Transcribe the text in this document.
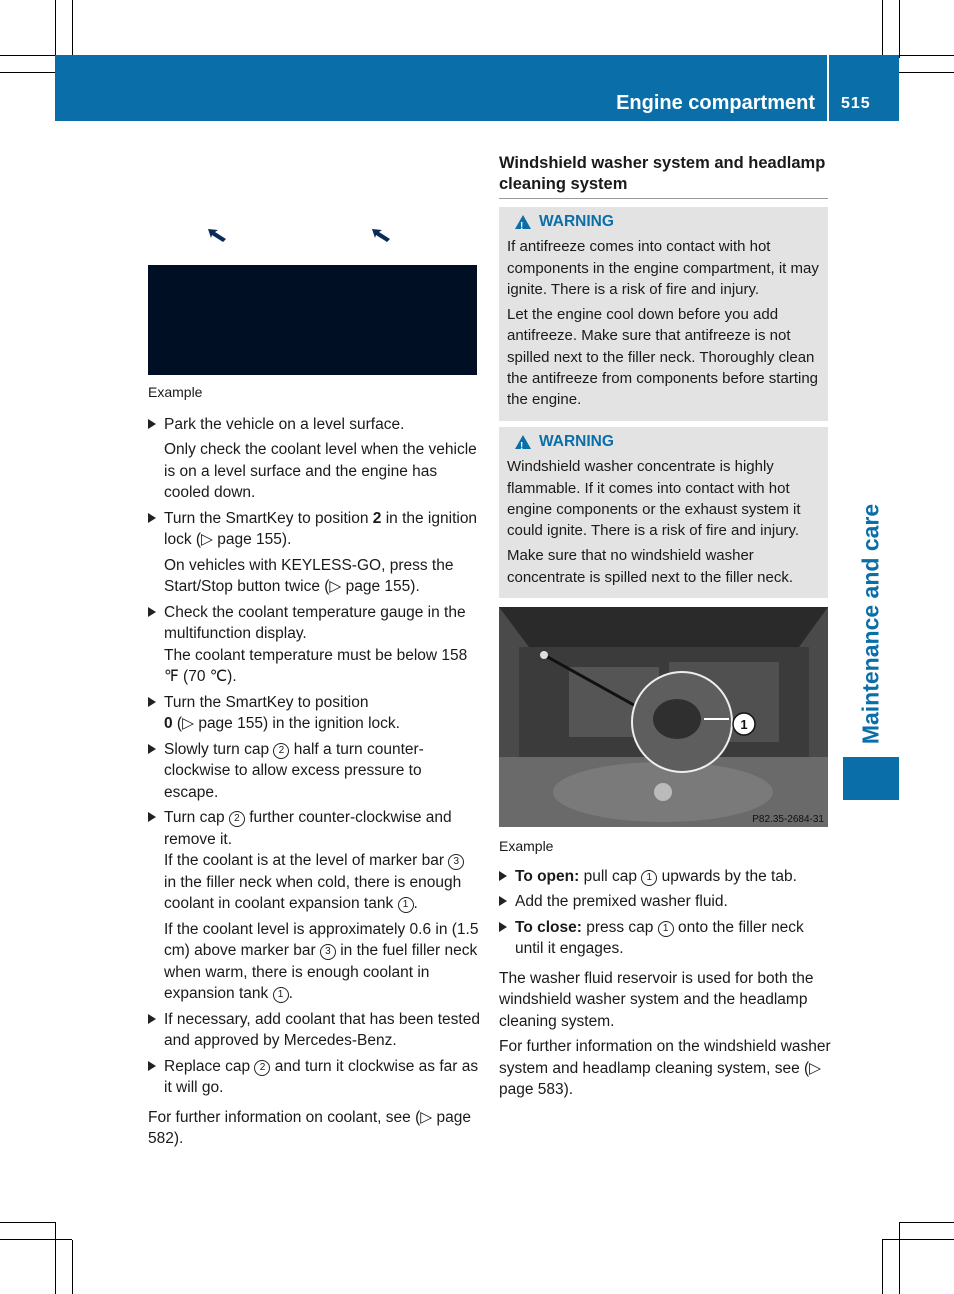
Engine compartment 515
Maintenance and care
Example
Park the vehicle on a level surface.
Only check the coolant level when the vehicle is on a level surface and the engine has cooled down.
Turn the SmartKey to position 2 in the ignition lock (▷ page 155).
On vehicles with KEYLESS-GO, press the Start/Stop button twice (▷ page 155).
Check the coolant temperature gauge in the multifunction display.
The coolant temperature must be below 158 ℉ (70 ℃).
Turn the SmartKey to position
0 (▷ page 155) in the ignition lock.
Slowly turn cap 2 half a turn counter-clockwise to allow excess pressure to escape.
Turn cap 2 further counter-clockwise and remove it.
If the coolant is at the level of marker bar 3 in the filler neck when cold, there is enough coolant in coolant expansion tank 1 .
If the coolant level is approximately 0.6 in (1.5 cm) above marker bar 3 in the fuel filler neck when warm, there is enough coolant in expansion tank 1 .
If necessary, add coolant that has been tested and approved by Mercedes-Benz.
Replace cap 2 and turn it clockwise as far as it will go.
For further information on coolant, see (▷ page 582).
Windshield washer system and headlamp cleaning system
!
WARNING

If antifreeze comes into contact with hot components in the engine compartment, it may ignite. There is a risk of fire and injury.

Let the engine cool down before you add antifreeze. Make sure that antifreeze is not spilled next to the filler neck. Thoroughly clean the antifreeze from components before starting the engine.

!
WARNING

Windshield washer concentrate is highly flammable. If it comes into contact with hot engine components or the exhaust system it could ignite. There is a risk of fire and injury.

Make sure that no windshield washer concentrate is spilled next to the filler neck.

1
P82.35-2684-31
Example
To open: pull cap 1 upwards by the tab.
Add the premixed washer fluid.
To close: press cap 1 onto the filler neck until it engages.
The washer fluid reservoir is used for both the windshield washer system and the headlamp cleaning system.
For further information on the windshield washer system and headlamp cleaning system, see (▷ page 583).
